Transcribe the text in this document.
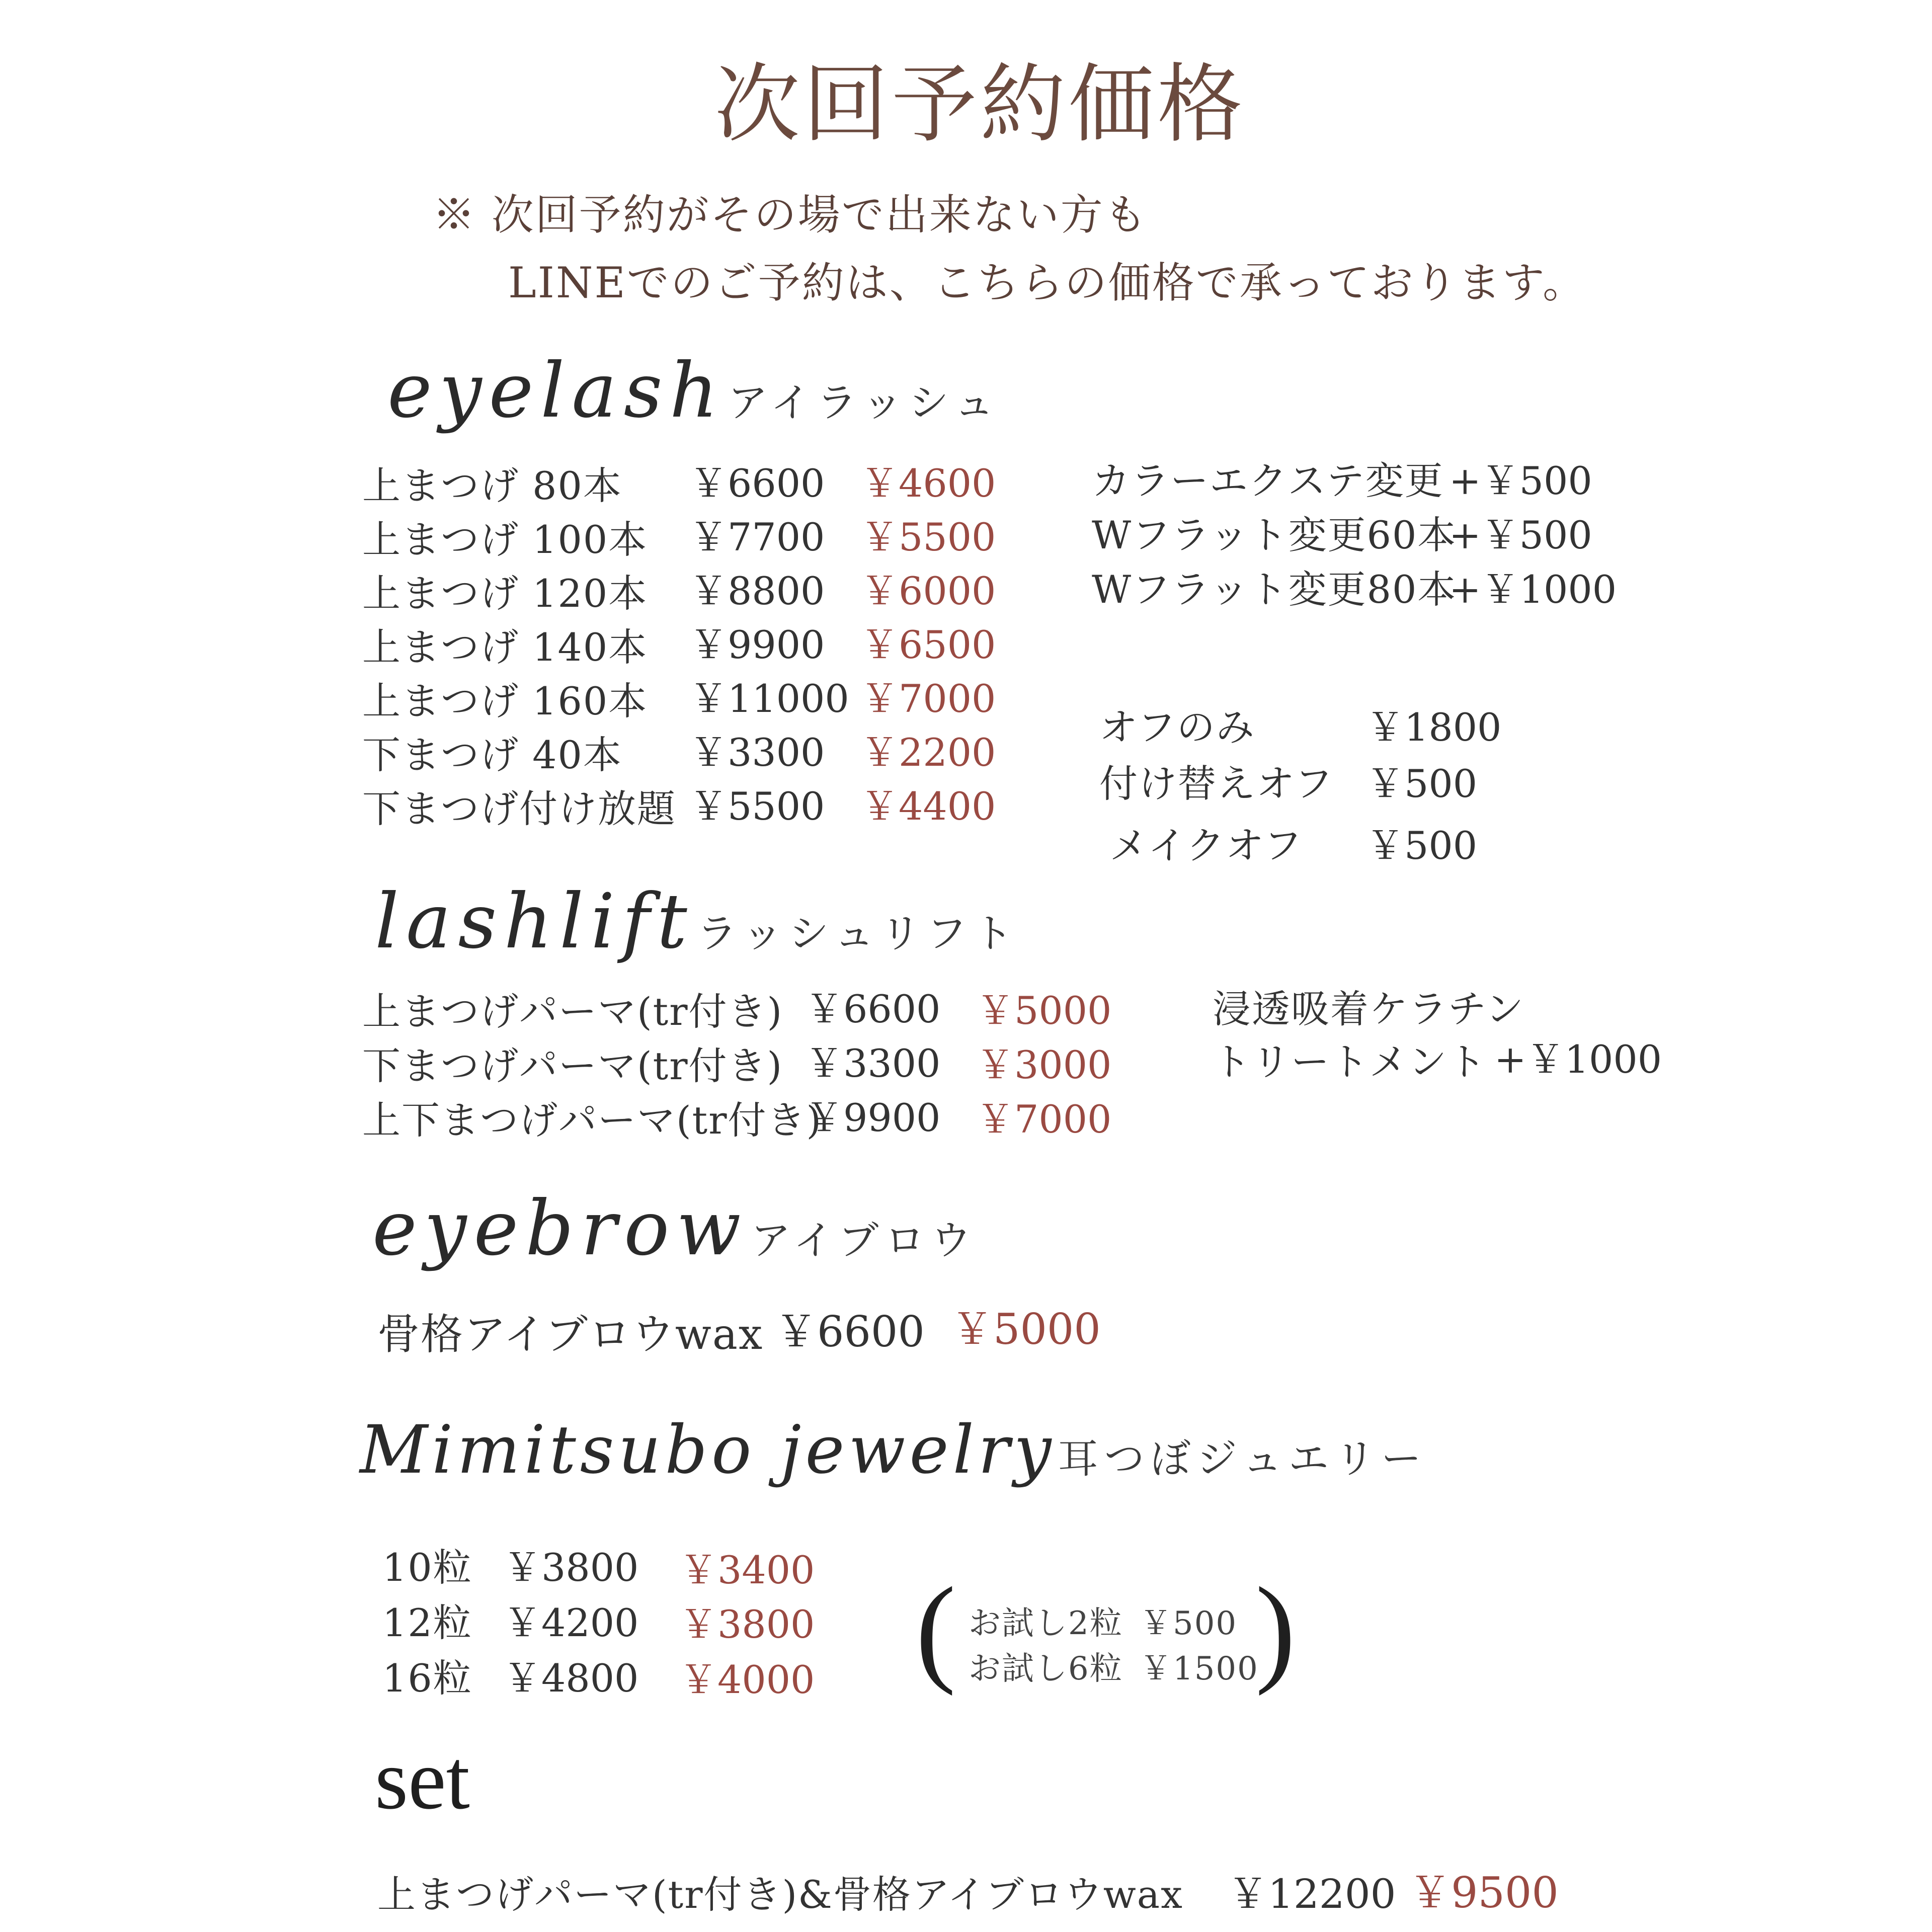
次回予約価格
※ 次回予約がその場で出来ない方も
LINEでのご予約は、こちらの価格で承っております。
eyelash アイラッシュ
上まつげ 80本 ￥6600 ￥4600
上まつげ 100本 ￥7700 ￥5500
上まつげ 120本 ￥8800 ￥6000
上まつげ 140本 ￥9900 ￥6500
上まつげ 160本 ￥11000 ￥7000
下まつげ 40本 ￥3300 ￥2200
下まつげ付け放題 ￥5500 ￥4400
カラーエクステ変更 +￥500
Wフラット変更60本
+￥500
Wフラット変更80本
+￥1000
オフのみ	￥1800
付け替えオフ ￥500
メイクオフ ￥500
lashlift ラッシュリフト
上まつげパーマ(tr付き) ￥6600 ￥5000
下まつげパーマ(tr付き) ￥3300 ￥3000
上下まつげパーマ(tr付き)
￥9900 ￥7000
浸透吸着ケラチン
トリートメント +￥1000
eyebrow アイブロウ
骨格アイブロウwax ￥6600 ￥5000
Mimitsubo jewelry 耳つぼジュエリー
10粒 ￥3800 ￥3400
12粒 ￥4200 ￥3800
16粒 ￥4800 ￥4000 ( お試し2粒 ￥500
お試し6粒 ￥1500
)
set
上まつげパーマ(tr付き)&骨格アイブロウwax ￥12200 ￥9500
